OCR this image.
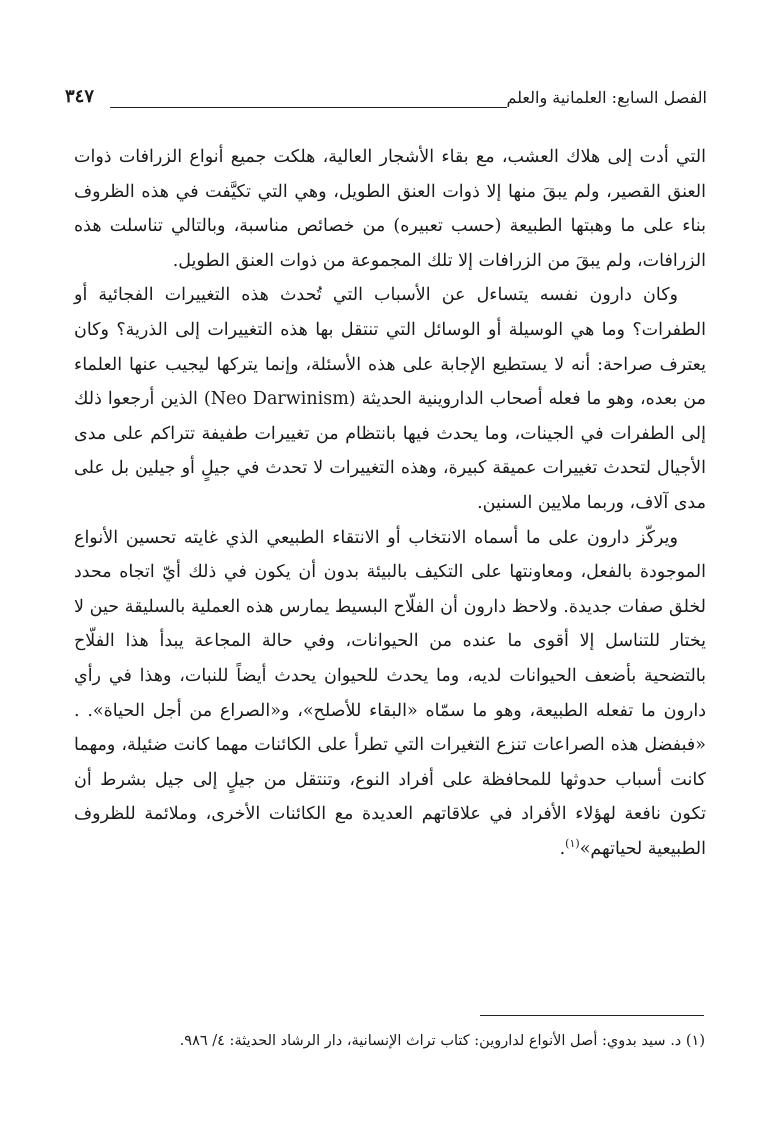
الفصل السابع: العلمانية والعلم
٣٤٧

التي أدت إلى هلاك العشب، مع بقاء الأشجار العالية، هلكت جميع أنواع الزرافات ذوات العنق القصير، ولم يبقَ منها إلا ذوات العنق الطويل، وهي التي تكيَّفت في هذه الظروف بناء على ما وهبتها الطبيعة (حسب تعبيره) من خصائص مناسبة، وبالتالي تناسلت هذه الزرافات، ولم يبقَ من الزرافات إلا تلك المجموعة من ذوات العنق الطويل.

وكان دارون نفسه يتساءل عن الأسباب التي تُحدث هذه التغييرات الفجائية أو الطفرات؟ وما هي الوسيلة أو الوسائل التي تنتقل بها هذه التغييرات إلى الذرية؟ وكان يعترف صراحة: أنه لا يستطيع الإجابة على هذه الأسئلة، وإنما يتركها ليجيب عنها العلماء من بعده، وهو ما فعله أصحاب الداروينية الحديثة (Neo Darwinism) الذين أرجعوا ذلك إلى الطفرات في الجينات، وما يحدث فيها بانتظام من تغييرات طفيفة تتراكم على مدى الأجيال لتحدث تغييرات عميقة كبيرة، وهذه التغييرات لا تحدث في جيلٍ أو جيلين بل على مدى آلاف، وربما ملايين السنين.

ويركّز دارون على ما أسماه الانتخاب أو الانتقاء الطبيعي الذي غايته تحسين الأنواع الموجودة بالفعل، ومعاونتها على التكيف بالبيئة بدون أن يكون في ذلك أيّ اتجاه محدد لخلق صفات جديدة. ولاحظ دارون أن الفلّاح البسيط يمارس هذه العملية بالسليقة حين لا يختار للتناسل إلا أقوى ما عنده من الحيوانات، وفي حالة المجاعة يبدأ هذا الفلّاح بالتضحية بأضعف الحيوانات لديه، وما يحدث للحيوان يحدث أيضاً للنبات، وهذا في رأي دارون ما تفعله الطبيعة، وهو ما سمّاه «البقاء للأصلح»، و«الصراع من أجل الحياة». . «فبفضل هذه الصراعات تنزع التغيرات التي تطرأ على الكائنات مهما كانت ضئيلة، ومهما كانت أسباب حدوثها للمحافظة على أفراد النوع، وتنتقل من جيلٍ إلى جيل بشرط أن تكون نافعة لهؤلاء الأفراد في علاقاتهم العديدة مع الكائنات الأخرى، وملائمة للظروف الطبيعية لحياتهم»$^{(١)}$.

(١) د. سيد بدوي: أصل الأنواع لداروين: كتاب تراث الإنسانية، دار الرشاد الحديثة: ٤/ ٩٨٦.
